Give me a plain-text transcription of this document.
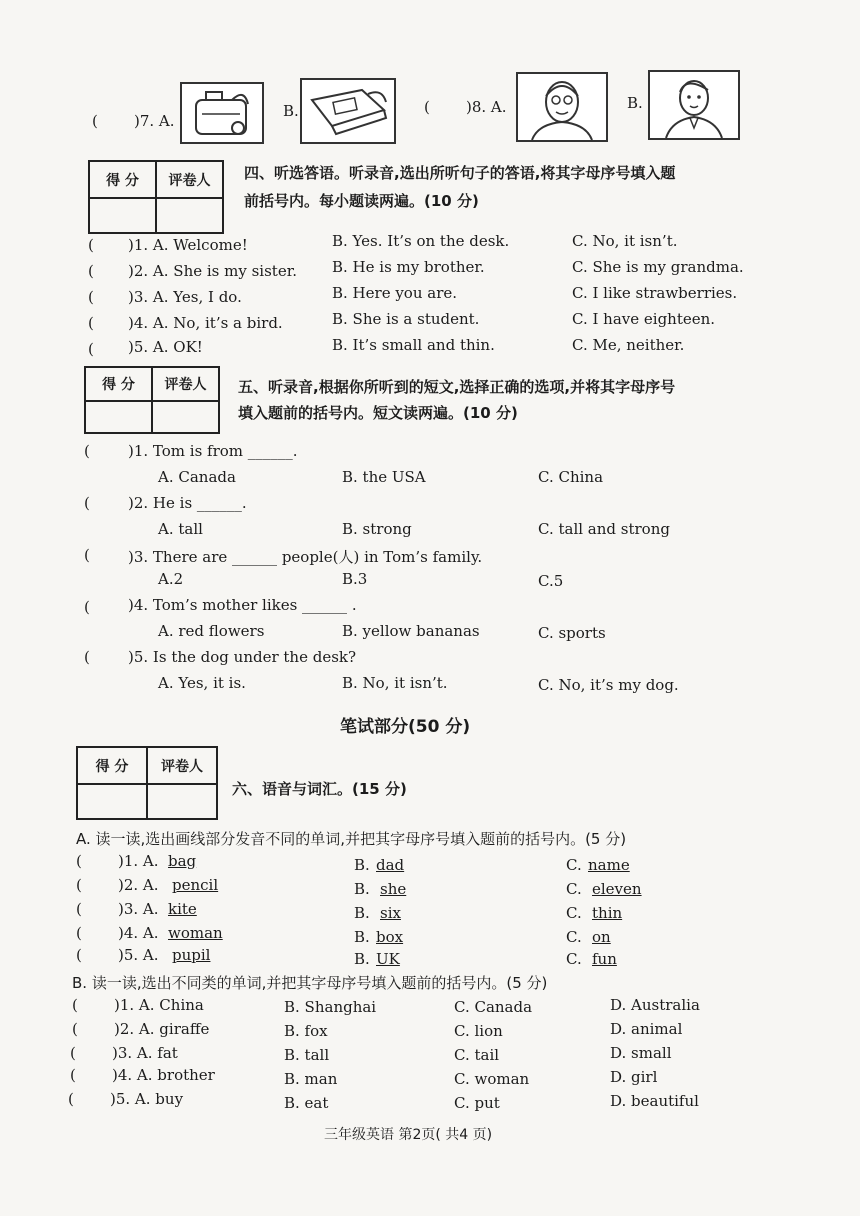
( )7. A.
B.	( )8. A.	B.
得 分	评卷人	四、听选答语。听录音,选出所听句子的答语,将其字母序号填入题
前括号内。每小题读两遍。(10 分)
( )1. A. Welcome!	B. Yes. It’s on the desk.	C. No, it isn’t.
( )2. A. She is my sister. B. He is my brother.	C. She is my grandma.
( )3. A. Yes, I do.	B. Here you are.	C. I like strawberries.
( )4. A. No, it’s a bird.	B. She is a student.	C. I have eighteen.
( )5. A. OK!	B. It’s small and thin.	C. Me, neither.
得 分	评卷人	五、听录音,根据你所听到的短文,选择正确的选项,并将其字母序号
填入题前的括号内。短文读两遍。(10 分)
(	)1. Tom is from ______.
A. Canada	B. the USA	C. China
(	)2. He is ______.
A. tall	B. strong	C. tall and strong
(	)3. There are ______ people(人) in Tom’s family.
A.2	B.3	C.5
(	)4. Tom’s mother likes ______ .
A. red flowers	B. yellow bananas	C. sports
(	)5. Is the dog under the desk?
A. Yes, it is.	B. No, it isn’t.	C. No, it’s my dog.
笔试部分(50 分)
得 分	评卷人
六、语音与词汇。(15 分)
A. 读一读,选出画线部分发音不同的单词,并把其字母序号填入题前的括号内。(5 分)
( )1. A. bag	B. dad	C. name
( )2. A. pencil	B. she	C. eleven
( )3. A. kite	B. six	C. thin
( )4. A. woman	B. box	C. on
( )5. A. pupil	B. UK	C. fun
B. 读一读,选出不同类的单词,并把其字母序号填入题前的括号内。(5 分)
( )1. A. China	B. Shanghai	C. Canada	D. Australia
( )2. A. giraffe	B. fox	C. lion	D. animal
( )3. A. fat	B. tall	C. tail	D. small
( )4. A. brother	B. man	C. woman	D. girl
( )5. A. buy	B. eat	C. put	D. beautiful
三年级英语 第2页( 共4 页)
